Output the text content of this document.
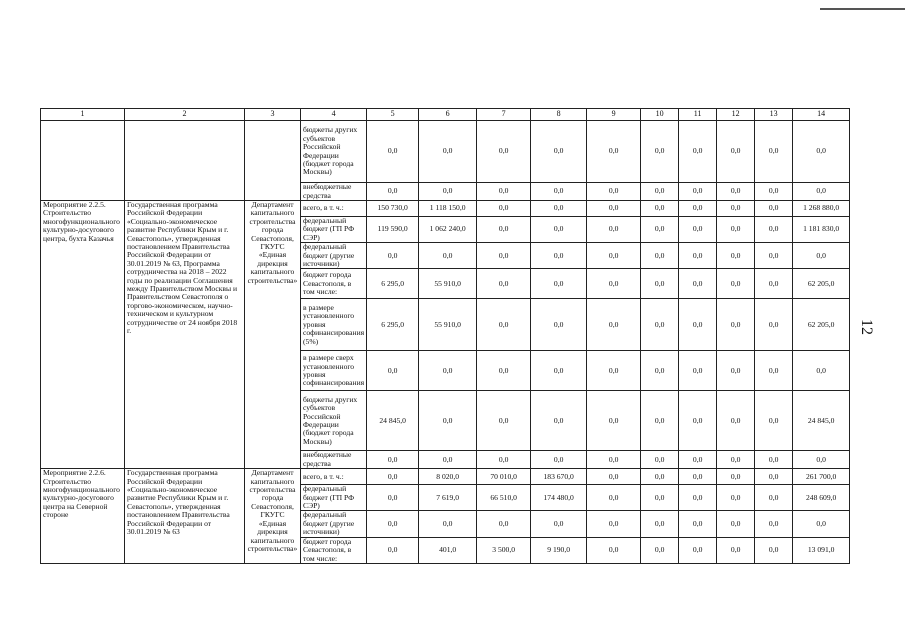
12
1	2	3	4	5	6	7	8	9	10	11	12	13	14
			бюджеты других субъектов Российской Федерации (бюджет города Москвы)	0,0	0,0	0,0	0,0	0,0	0,0	0,0	0,0	0,0	0,0
			внебюджетные средства	0,0	0,0	0,0	0,0	0,0	0,0	0,0	0,0	0,0	0,0
Мероприятие 2.2.5. Строительство многофункционального культурно-досугового центра, бухта Казачья	Государственная программа Российской Федерации «Социально-экономическое развитие Республики Крым и г. Севастополь», утвержденная постановлением Правительства Российской Федерации от 30.01.2019 № 63, Программа сотрудничества на 2018 – 2022 годы по реализации Соглашения между Правительством Москвы и Правительством Севастополя о торгово-экономическом, научно-техническом и культурном сотрудничестве от 24 ноября 2018 г.	Департамент капитального строительства города Севастополя, ГКУГС «Единая дирекция капитального строительства»	всего, в т. ч.:	150 730,0	1 118 150,0	0,0	0,0	0,0	0,0	0,0	0,0	0,0	1 268 880,0
			федеральный бюджет (ГП РФ СЭР)	119 590,0	1 062 240,0	0,0	0,0	0,0	0,0	0,0	0,0	0,0	1 181 830,0
			федеральный бюджет (другие источники)	0,0	0,0	0,0	0,0	0,0	0,0	0,0	0,0	0,0	0,0
			бюджет города Севастополя, в том числе:	6 295,0	55 910,0	0,0	0,0	0,0	0,0	0,0	0,0	0,0	62 205,0
			в размере установленного уровня софинансирования (5%)	6 295,0	55 910,0	0,0	0,0	0,0	0,0	0,0	0,0	0,0	62 205,0
			в размере сверх установленного уровня софинансирования	0,0	0,0	0,0	0,0	0,0	0,0	0,0	0,0	0,0	0,0
			бюджеты других субъектов Российской Федерации (бюджет города Москвы)	24 845,0	0,0	0,0	0,0	0,0	0,0	0,0	0,0	0,0	24 845,0
			внебюджетные средства	0,0	0,0	0,0	0,0	0,0	0,0	0,0	0,0	0,0	0,0
Мероприятие 2.2.6. Строительство многофункционального культурно-досугового центра на Северной стороне	Государственная программа Российской Федерации «Социально-экономическое развитие Республики Крым и г. Севастополь», утвержденная постановлением Правительства Российской Федерации от 30.01.2019 № 63	Департамент капитального строительства города Севастополя, ГКУГС «Единая дирекция капитального строительства»	всего, в т. ч.:	0,0	8 020,0	70 010,0	183 670,0	0,0	0,0	0,0	0,0	0,0	261 700,0
			федеральный бюджет (ГП РФ СЭР)	0,0	7 619,0	66 510,0	174 480,0	0,0	0,0	0,0	0,0	0,0	248 609,0
			федеральный бюджет (другие источники)	0,0	0,0	0,0	0,0	0,0	0,0	0,0	0,0	0,0	0,0
			бюджет города Севастополя, в том числе:	0,0	401,0	3 500,0	9 190,0	0,0	0,0	0,0	0,0	0,0	13 091,0
